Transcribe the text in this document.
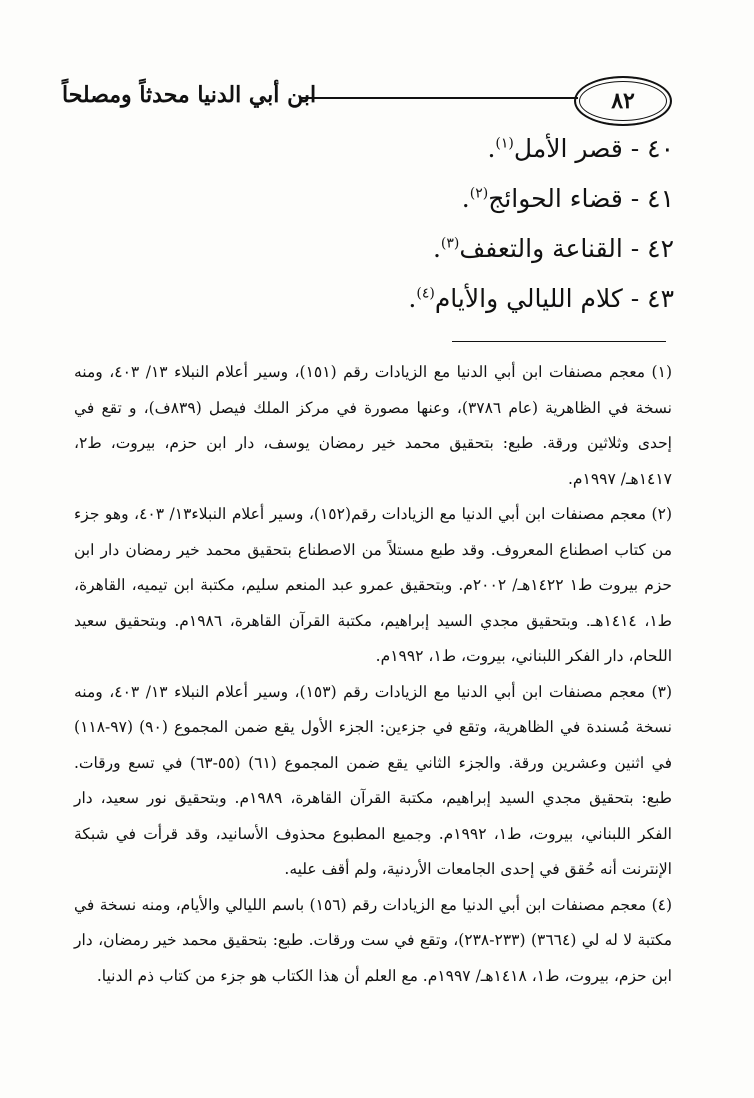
٨٢
ابن أبي الدنيا محدثاً ومصلحاً
٤٠ - قصر الأمل$^{(١)}$.
٤١ - قضاء الحوائج$^{(٢)}$.
٤٢ - القناعة والتعفف$^{(٣)}$.
٤٣ - كلام الليالي والأيام$^{(٤)}$.
(١) معجم مصنفات ابن أبي الدنيا مع الزيادات رقم (١٥١)، وسير أعلام النبلاء ١٣/ ٤٠٣، ومنه نسخة في الظاهرية (عام ٣٧٨٦)، وعنها مصورة في مركز الملك فيصل (٨٣٩ف)، و تقع في إحدى وثلاثين ورقة. طبع: بتحقيق محمد خير رمضان يوسف، دار ابن حزم، بيروت، ط٢، ١٤١٧هـ/ ١٩٩٧م.
(٢) معجم مصنفات ابن أبي الدنيا مع الزيادات رقم(١٥٢)، وسير أعلام النبلاء١٣/ ٤٠٣، وهو جزء من كتاب اصطناع المعروف. وقد طبع مستلاً من الاصطناع بتحقيق محمد خير رمضان دار ابن حزم بيروت ط١ ١٤٢٢هـ/ ٢٠٠٢م. وبتحقيق عمرو عبد المنعم سليم، مكتبة ابن تيميه، القاهرة، ط١، ١٤١٤هـ. وبتحقيق مجدي السيد إبراهيم، مكتبة القرآن القاهرة، ١٩٨٦م. وبتحقيق سعيد اللحام، دار الفكر اللبناني، بيروت، ط١، ١٩٩٢م.
(٣) معجم مصنفات ابن أبي الدنيا مع الزيادات رقم (١٥٣)، وسير أعلام النبلاء ١٣/ ٤٠٣، ومنه نسخة مُسندة في الظاهرية، وتقع في جزءين: الجزء الأول يقع ضمن المجموع (٩٠) (٩٧-١١٨) في اثنين وعشرين ورقة. والجزء الثاني يقع ضمن المجموع (٦١) (٥٥-٦٣) في تسع ورقات. طبع: بتحقيق مجدي السيد إبراهيم، مكتبة القرآن القاهرة، ١٩٨٩م. وبتحقيق نور سعيد، دار الفكر اللبناني، بيروت، ط١، ١٩٩٢م. وجميع المطبوع محذوف الأسانيد، وقد قرأت في شبكة الإنترنت أنه حُقق في إحدى الجامعات الأردنية، ولم أقف عليه.
(٤) معجم مصنفات ابن أبي الدنيا مع الزيادات رقم (١٥٦) باسم الليالي والأيام، ومنه نسخة في مكتبة لا له لي (٣٦٦٤) (٢٣٣-٢٣٨)، وتقع في ست ورقات. طبع: بتحقيق محمد خير رمضان، دار ابن حزم، بيروت، ط١، ١٤١٨هـ/ ١٩٩٧م. مع العلم أن هذا الكتاب هو جزء من كتاب ذم الدنيا.
